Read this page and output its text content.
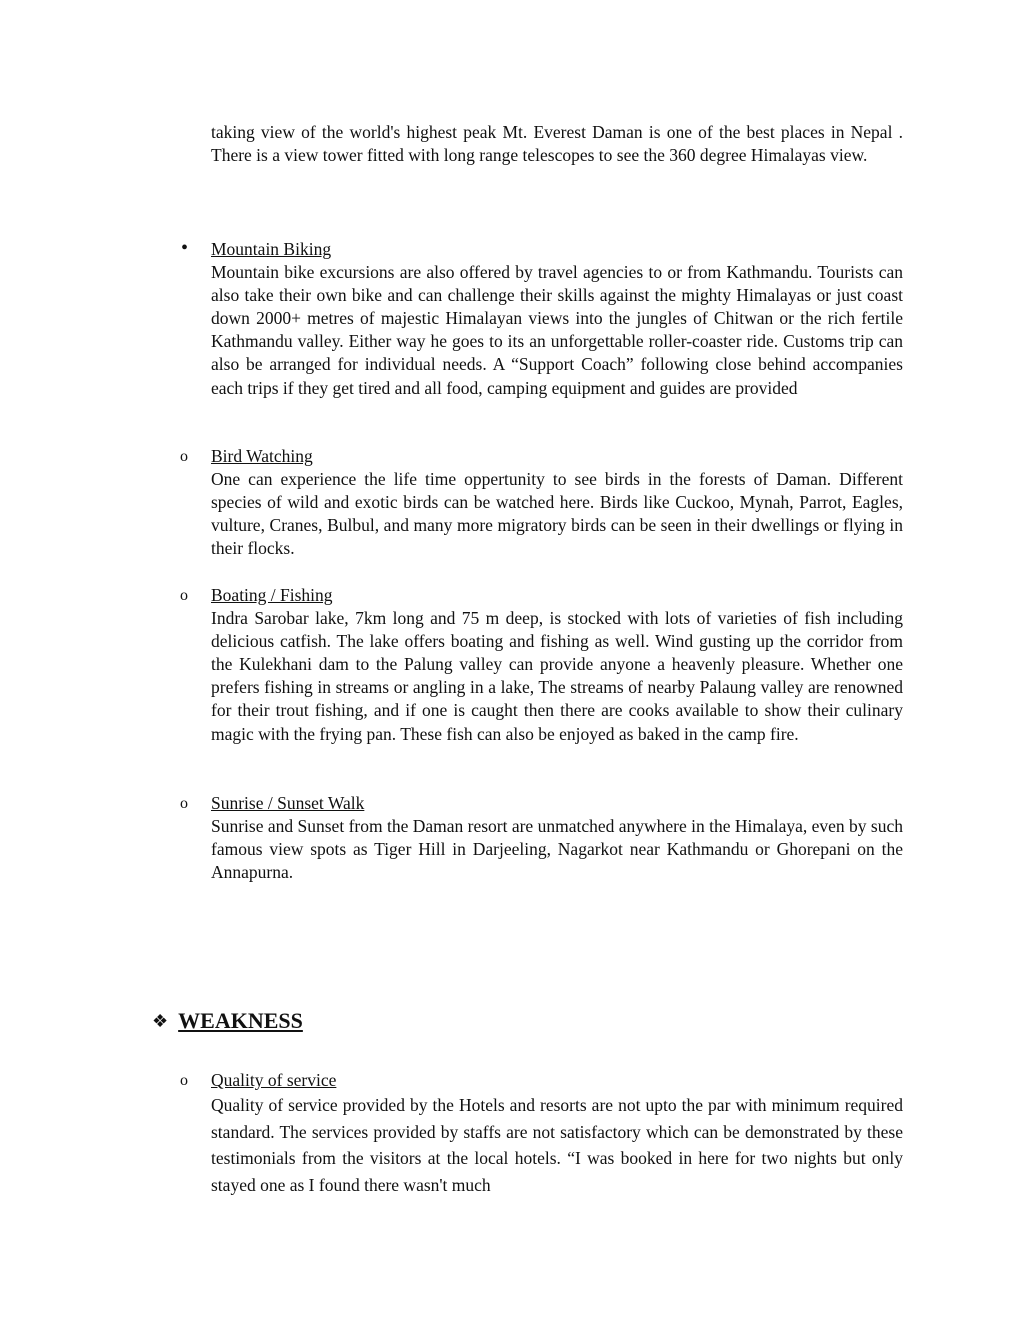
taking view of the world's highest peak Mt. Everest Daman is one of the best places in Nepal . There is a view tower fitted with long range telescopes to see the 360 degree Himalayas view.

• Mountain Biking

Mountain bike excursions are also offered by travel agencies to or from Kathmandu. Tourists can also take their own bike and can challenge their skills against the mighty Himalayas or just coast down 2000+ metres of majestic Himalayan views into the jungles of Chitwan or the rich fertile Kathmandu valley. Either way he goes to its an unforgettable roller-coaster ride. Customs trip can also be arranged for individual needs. A “Support Coach” following close behind accompanies each trips if they get tired and all food, camping equipment and guides are provided

o Bird Watching

One can experience the life time oppertunity to see birds in the forests of Daman. Different species of wild and exotic birds can be watched here. Birds like Cuckoo, Mynah, Parrot, Eagles, vulture, Cranes, Bulbul, and many more migratory birds can be seen in their dwellings or flying in their flocks.

o Boating / Fishing

Indra Sarobar lake, 7km long and 75 m deep, is stocked with lots of varieties of fish including delicious catfish. The lake offers boating and fishing as well. Wind gusting up the corridor from the Kulekhani dam to the Palung valley can provide anyone a heavenly pleasure. Whether one prefers fishing in streams or angling in a lake, The streams of nearby Palaung valley are renowned for their trout fishing, and if one is caught then there are cooks available to show their culinary magic with the frying pan. These fish can also be enjoyed as baked in the camp fire.

o Sunrise / Sunset Walk

Sunrise and Sunset from the Daman resort are unmatched anywhere in the Himalaya, even by such famous view spots as Tiger Hill in Darjeeling, Nagarkot near Kathmandu or Ghorepani on the Annapurna.

❖ WEAKNESS
o Quality of service

Quality of service provided by the Hotels and resorts are not upto the par with minimum required standard. The services provided by staffs are not satisfactory which can be demonstrated by these testimonials from the visitors at the local hotels. “I was booked in here for two nights but only stayed one as I found there wasn't much
